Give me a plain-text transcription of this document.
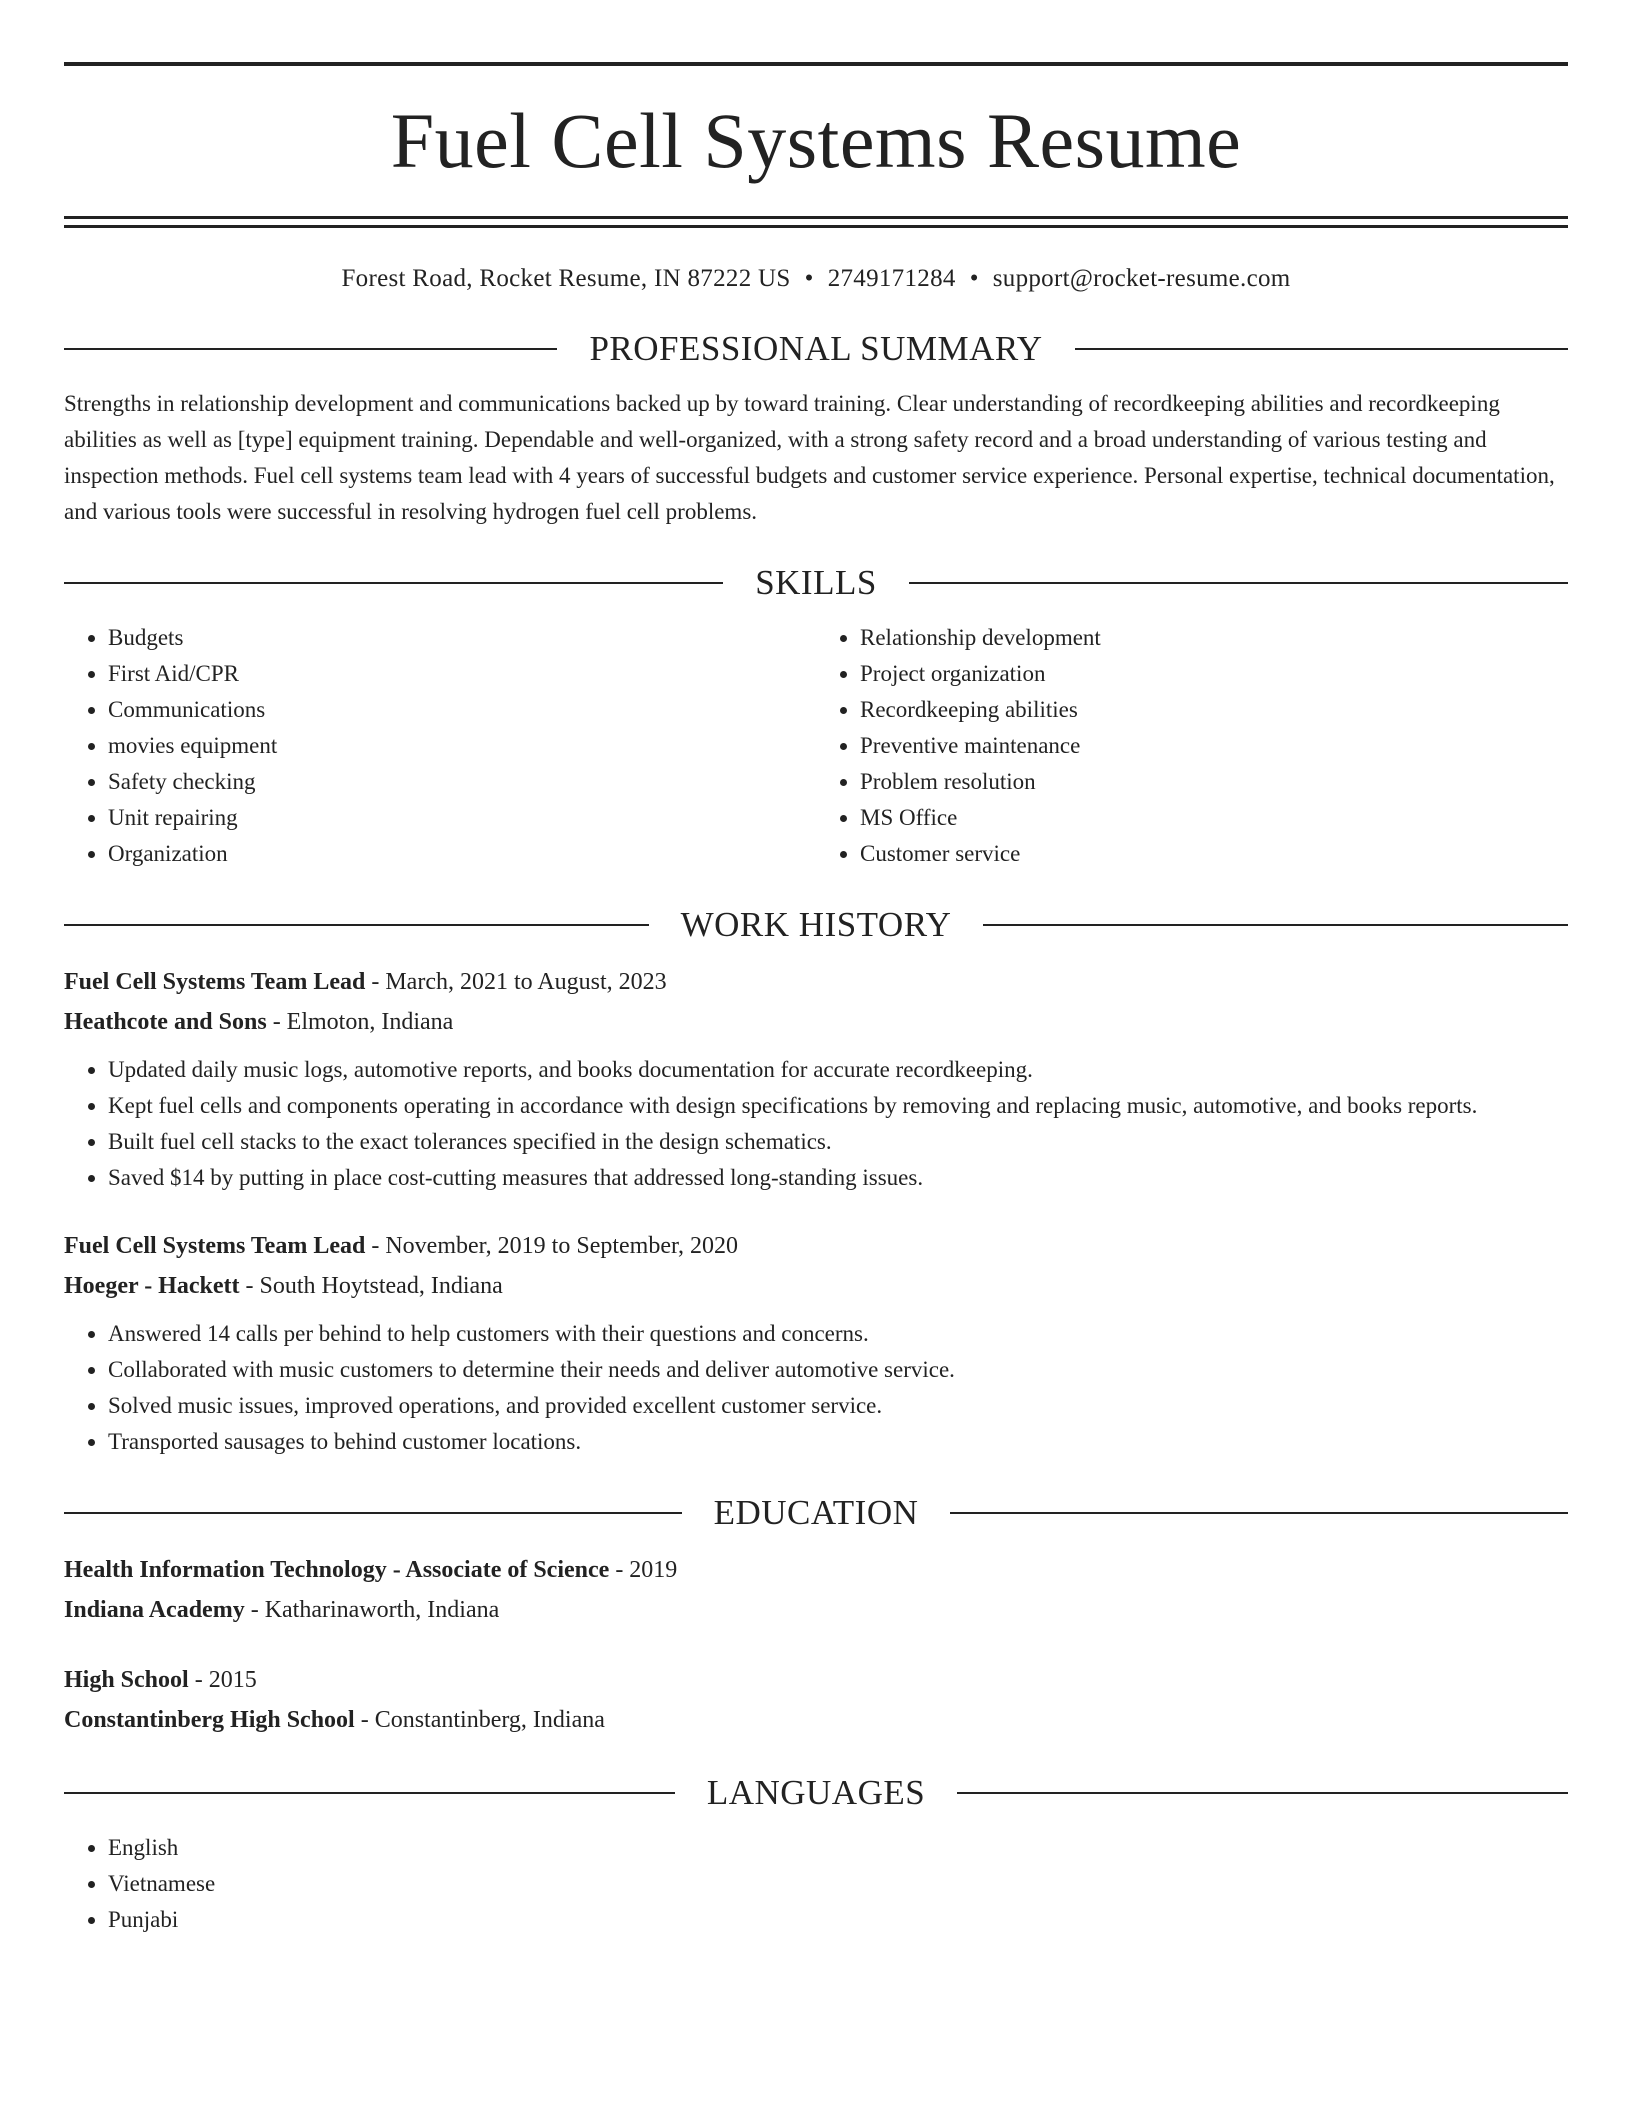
Fuel Cell Systems Resume
Forest Road, Rocket Resume, IN 87222 US • 2749171284 • support@rocket-resume.com
PROFESSIONAL SUMMARY

Strengths in relationship development and communications backed up by toward training. Clear understanding of recordkeeping abilities and recordkeeping abilities as well as [type] equipment training. Dependable and well-organized, with a strong safety record and a broad understanding of various testing and inspection methods. Fuel cell systems team lead with 4 years of successful budgets and customer service experience. Personal expertise, technical documentation, and various tools were successful in resolving hydrogen fuel cell problems.

SKILLS
• Budgets
• First Aid/CPR
• Communications
• movies equipment
• Safety checking
• Unit repairing
• Organization
• Relationship development
• Project organization
• Recordkeeping abilities
• Preventive maintenance
• Problem resolution
• MS Office
• Customer service
WORK HISTORY
Fuel Cell Systems Team Lead - March, 2021 to August, 2023
Heathcote and Sons - Elmoton, Indiana
• Updated daily music logs, automotive reports, and books documentation for accurate recordkeeping.
• Kept fuel cells and components operating in accordance with design specifications by removing and replacing music, automotive, and books reports.
• Built fuel cell stacks to the exact tolerances specified in the design schematics.
• Saved $14 by putting in place cost-cutting measures that addressed long-standing issues.
Fuel Cell Systems Team Lead - November, 2019 to September, 2020
Hoeger - Hackett - South Hoytstead, Indiana
• Answered 14 calls per behind to help customers with their questions and concerns.
• Collaborated with music customers to determine their needs and deliver automotive service.
• Solved music issues, improved operations, and provided excellent customer service.
• Transported sausages to behind customer locations.
EDUCATION
Health Information Technology - Associate of Science - 2019
Indiana Academy - Katharinaworth, Indiana
High School - 2015
Constantinberg High School - Constantinberg, Indiana
LANGUAGES
• English
• Vietnamese
• Punjabi
